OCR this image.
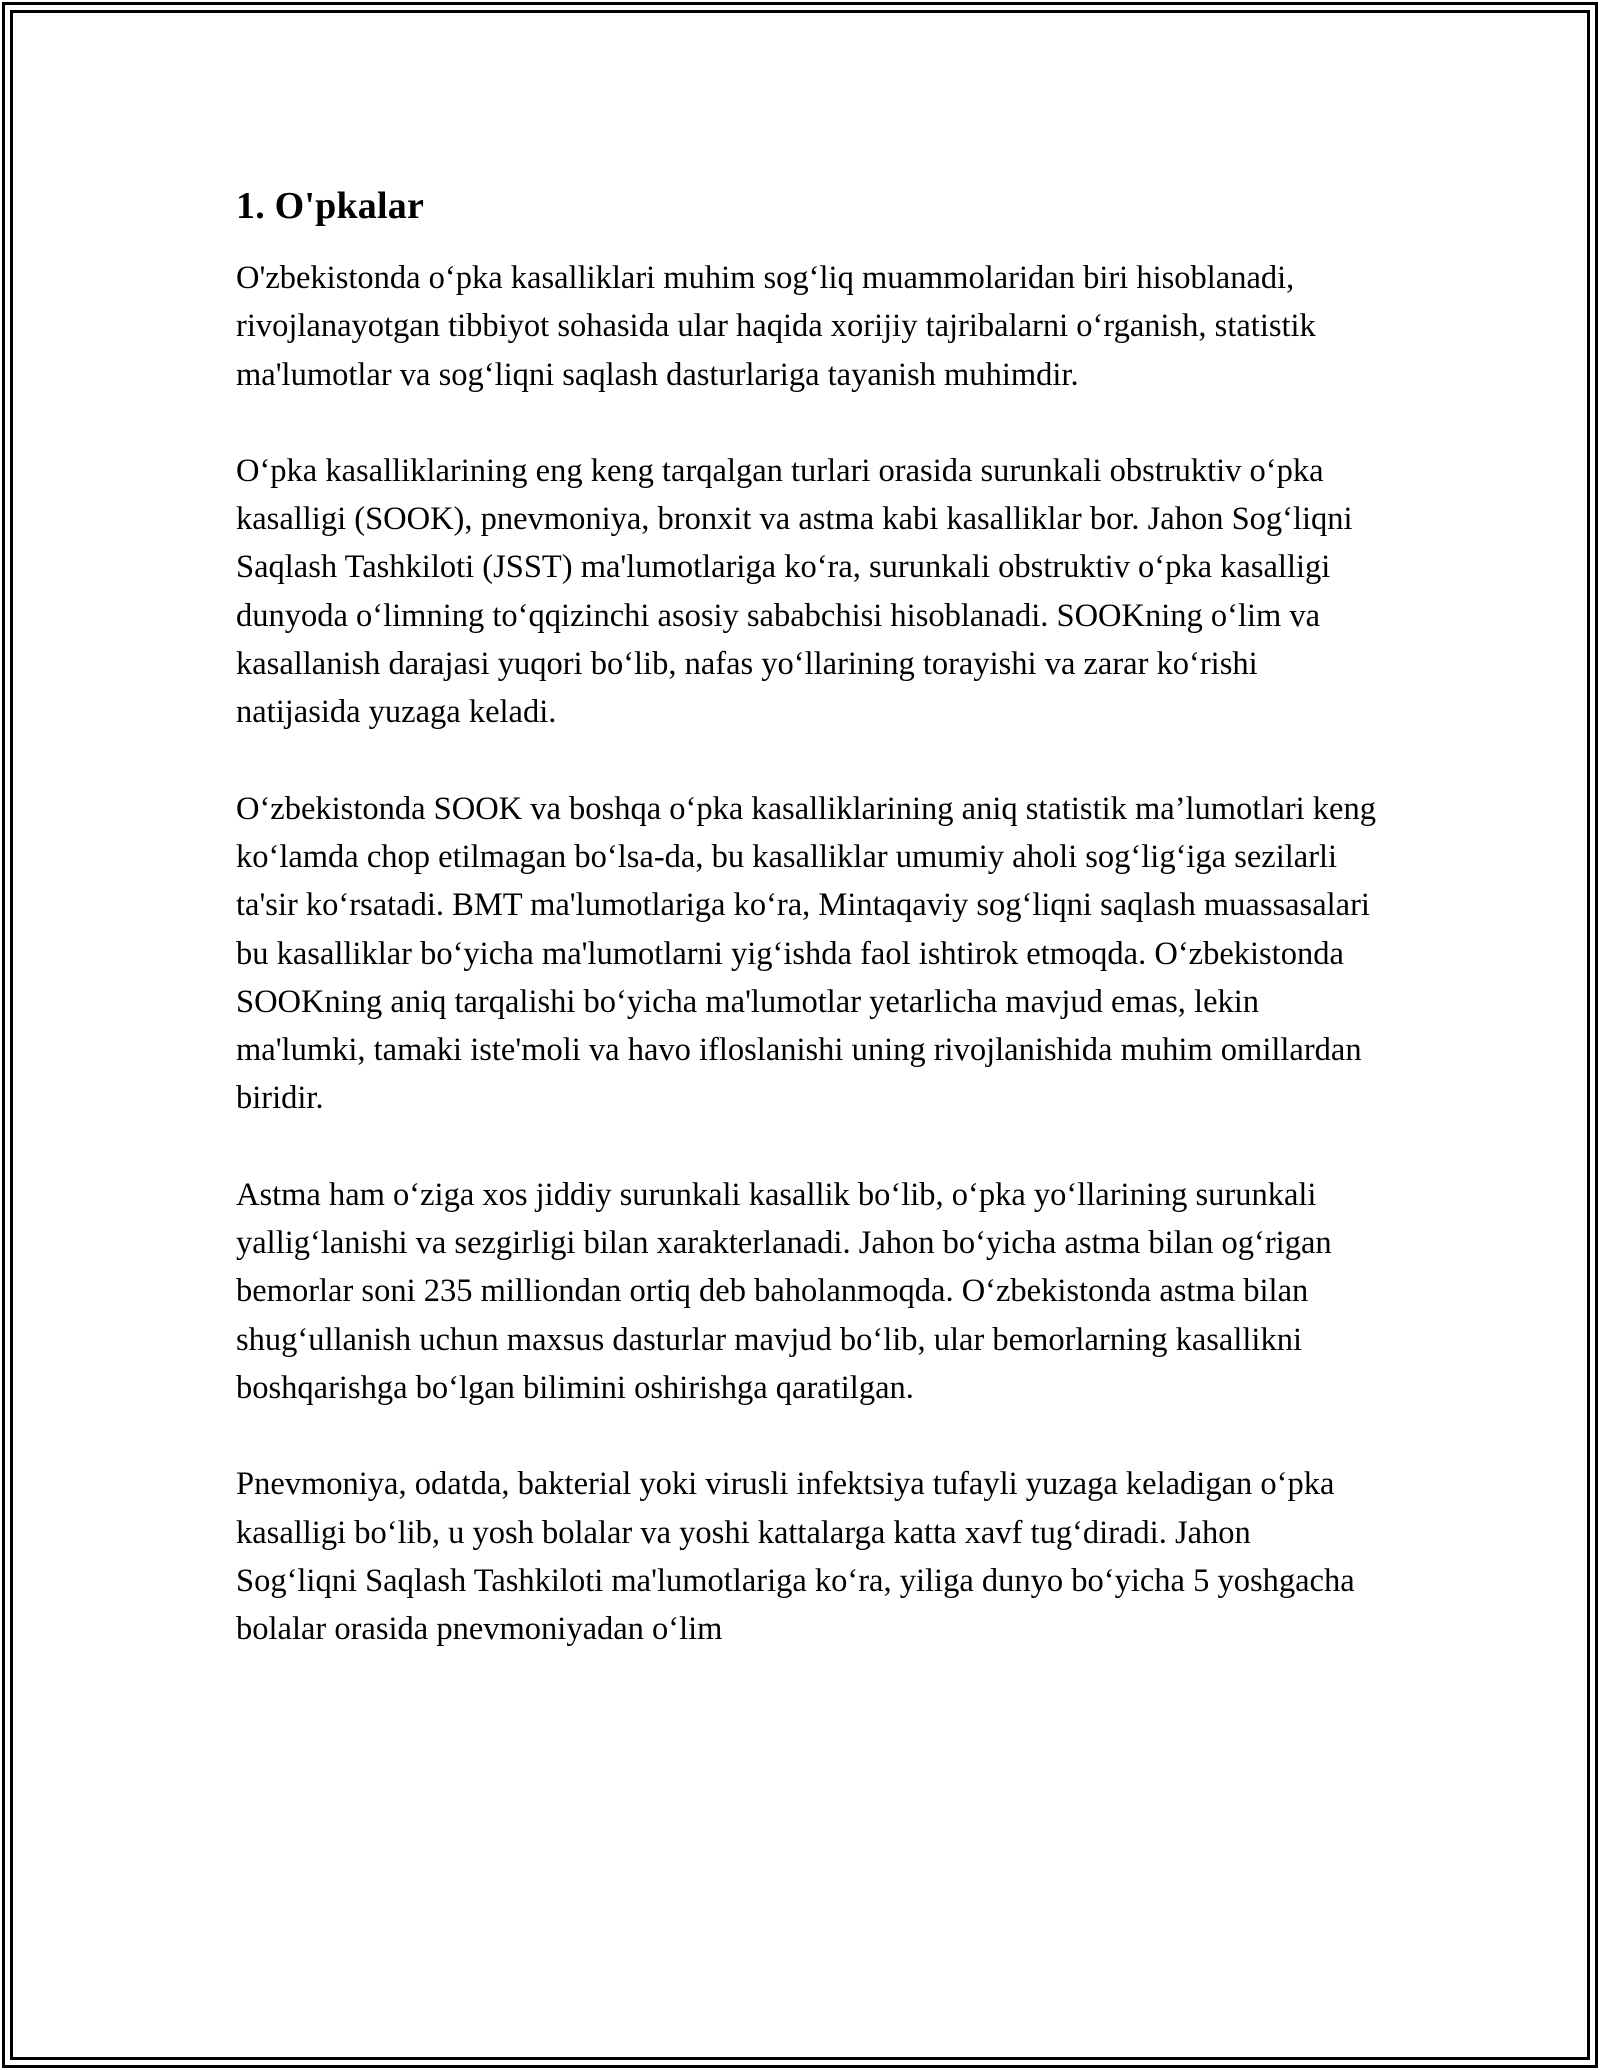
1. O'pkalar

O'zbekistonda o‘pka kasalliklari muhim sog‘liq muammolaridan biri hisoblanadi, rivojlanayotgan tibbiyot sohasida ular haqida xorijiy tajribalarni o‘rganish, statistik ma'lumotlar va sog‘liqni saqlash dasturlariga tayanish muhimdir.

O‘pka kasalliklarining eng keng tarqalgan turlari orasida surunkali obstruktiv o‘pka kasalligi (SOOK), pnevmoniya, bronxit va astma kabi kasalliklar bor. Jahon Sog‘liqni Saqlash Tashkiloti (JSST) ma'lumotlariga ko‘ra, surunkali obstruktiv o‘pka kasalligi dunyoda o‘limning to‘qqizinchi asosiy sababchisi hisoblanadi. SOOKning o‘lim va kasallanish darajasi yuqori bo‘lib, nafas yo‘llarining torayishi va zarar ko‘rishi natijasida yuzaga keladi.

O‘zbekistonda SOOK va boshqa o‘pka kasalliklarining aniq statistik ma’lumotlari keng ko‘lamda chop etilmagan bo‘lsa-da, bu kasalliklar umumiy aholi sog‘lig‘iga sezilarli ta'sir ko‘rsatadi. BMT ma'lumotlariga ko‘ra, Mintaqaviy sog‘liqni saqlash muassasalari bu kasalliklar bo‘yicha ma'lumotlarni yig‘ishda faol ishtirok etmoqda. O‘zbekistonda SOOKning aniq tarqalishi bo‘yicha ma'lumotlar yetarlicha mavjud emas, lekin ma'lumki, tamaki iste'moli va havo ifloslanishi uning rivojlanishida muhim omillardan biridir.

Astma ham o‘ziga xos jiddiy surunkali kasallik bo‘lib, o‘pka yo‘llarining surunkali yallig‘lanishi va sezgirligi bilan xarakterlanadi. Jahon bo‘yicha astma bilan og‘rigan bemorlar soni 235 milliondan ortiq deb baholanmoqda. O‘zbekistonda astma bilan shug‘ullanish uchun maxsus dasturlar mavjud bo‘lib, ular bemorlarning kasallikni boshqarishga bo‘lgan bilimini oshirishga qaratilgan.

Pnevmoniya, odatda, bakterial yoki virusli infektsiya tufayli yuzaga keladigan o‘pka kasalligi bo‘lib, u yosh bolalar va yoshi kattalarga katta xavf tug‘diradi. Jahon Sog‘liqni Saqlash Tashkiloti ma'lumotlariga ko‘ra, yiliga dunyo bo‘yicha 5 yoshgacha bolalar orasida pnevmoniyadan o‘lim
